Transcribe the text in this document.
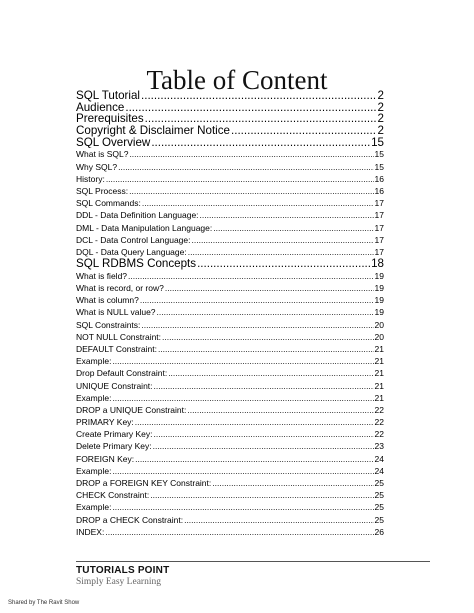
Table of Content
SQL Tutorial .....	2
Audience .....	2
Prerequisites .....	2
Copyright & Disclaimer Notice .....	2
SQL Overview .....	15
What is SQL? .....	15
Why SQL? .....	15
History: .....	16
SQL Process: .....	16
SQL Commands: .....	17
DDL - Data Definition Language: .....	17
DML - Data Manipulation Language: .....	17
DCL - Data Control Language: .....	17
DQL - Data Query Language: .....	17
SQL RDBMS Concepts .....	18
What is field? .....	19
What is record, or row? .....	19
What is column? .....	19
What is NULL value? .....	19
SQL Constraints: .....	20
NOT NULL Constraint: .....	20
DEFAULT Constraint: .....	21
Example: .....	21
Drop Default Constraint: .....	21
UNIQUE Constraint: .....	21
Example: .....	21
DROP a UNIQUE Constraint: .....	22
PRIMARY Key: .....	22
Create Primary Key: .....	22
Delete Primary Key: .....	23
FOREIGN Key: .....	24
Example: .....	24
DROP a FOREIGN KEY Constraint: .....	25
CHECK Constraint: .....	25
Example: .....	25
DROP a CHECK Constraint: .....	25
INDEX: .....	26
TUTORIALS POINT
Simply Easy Learning
Shared by The Ravit Show
